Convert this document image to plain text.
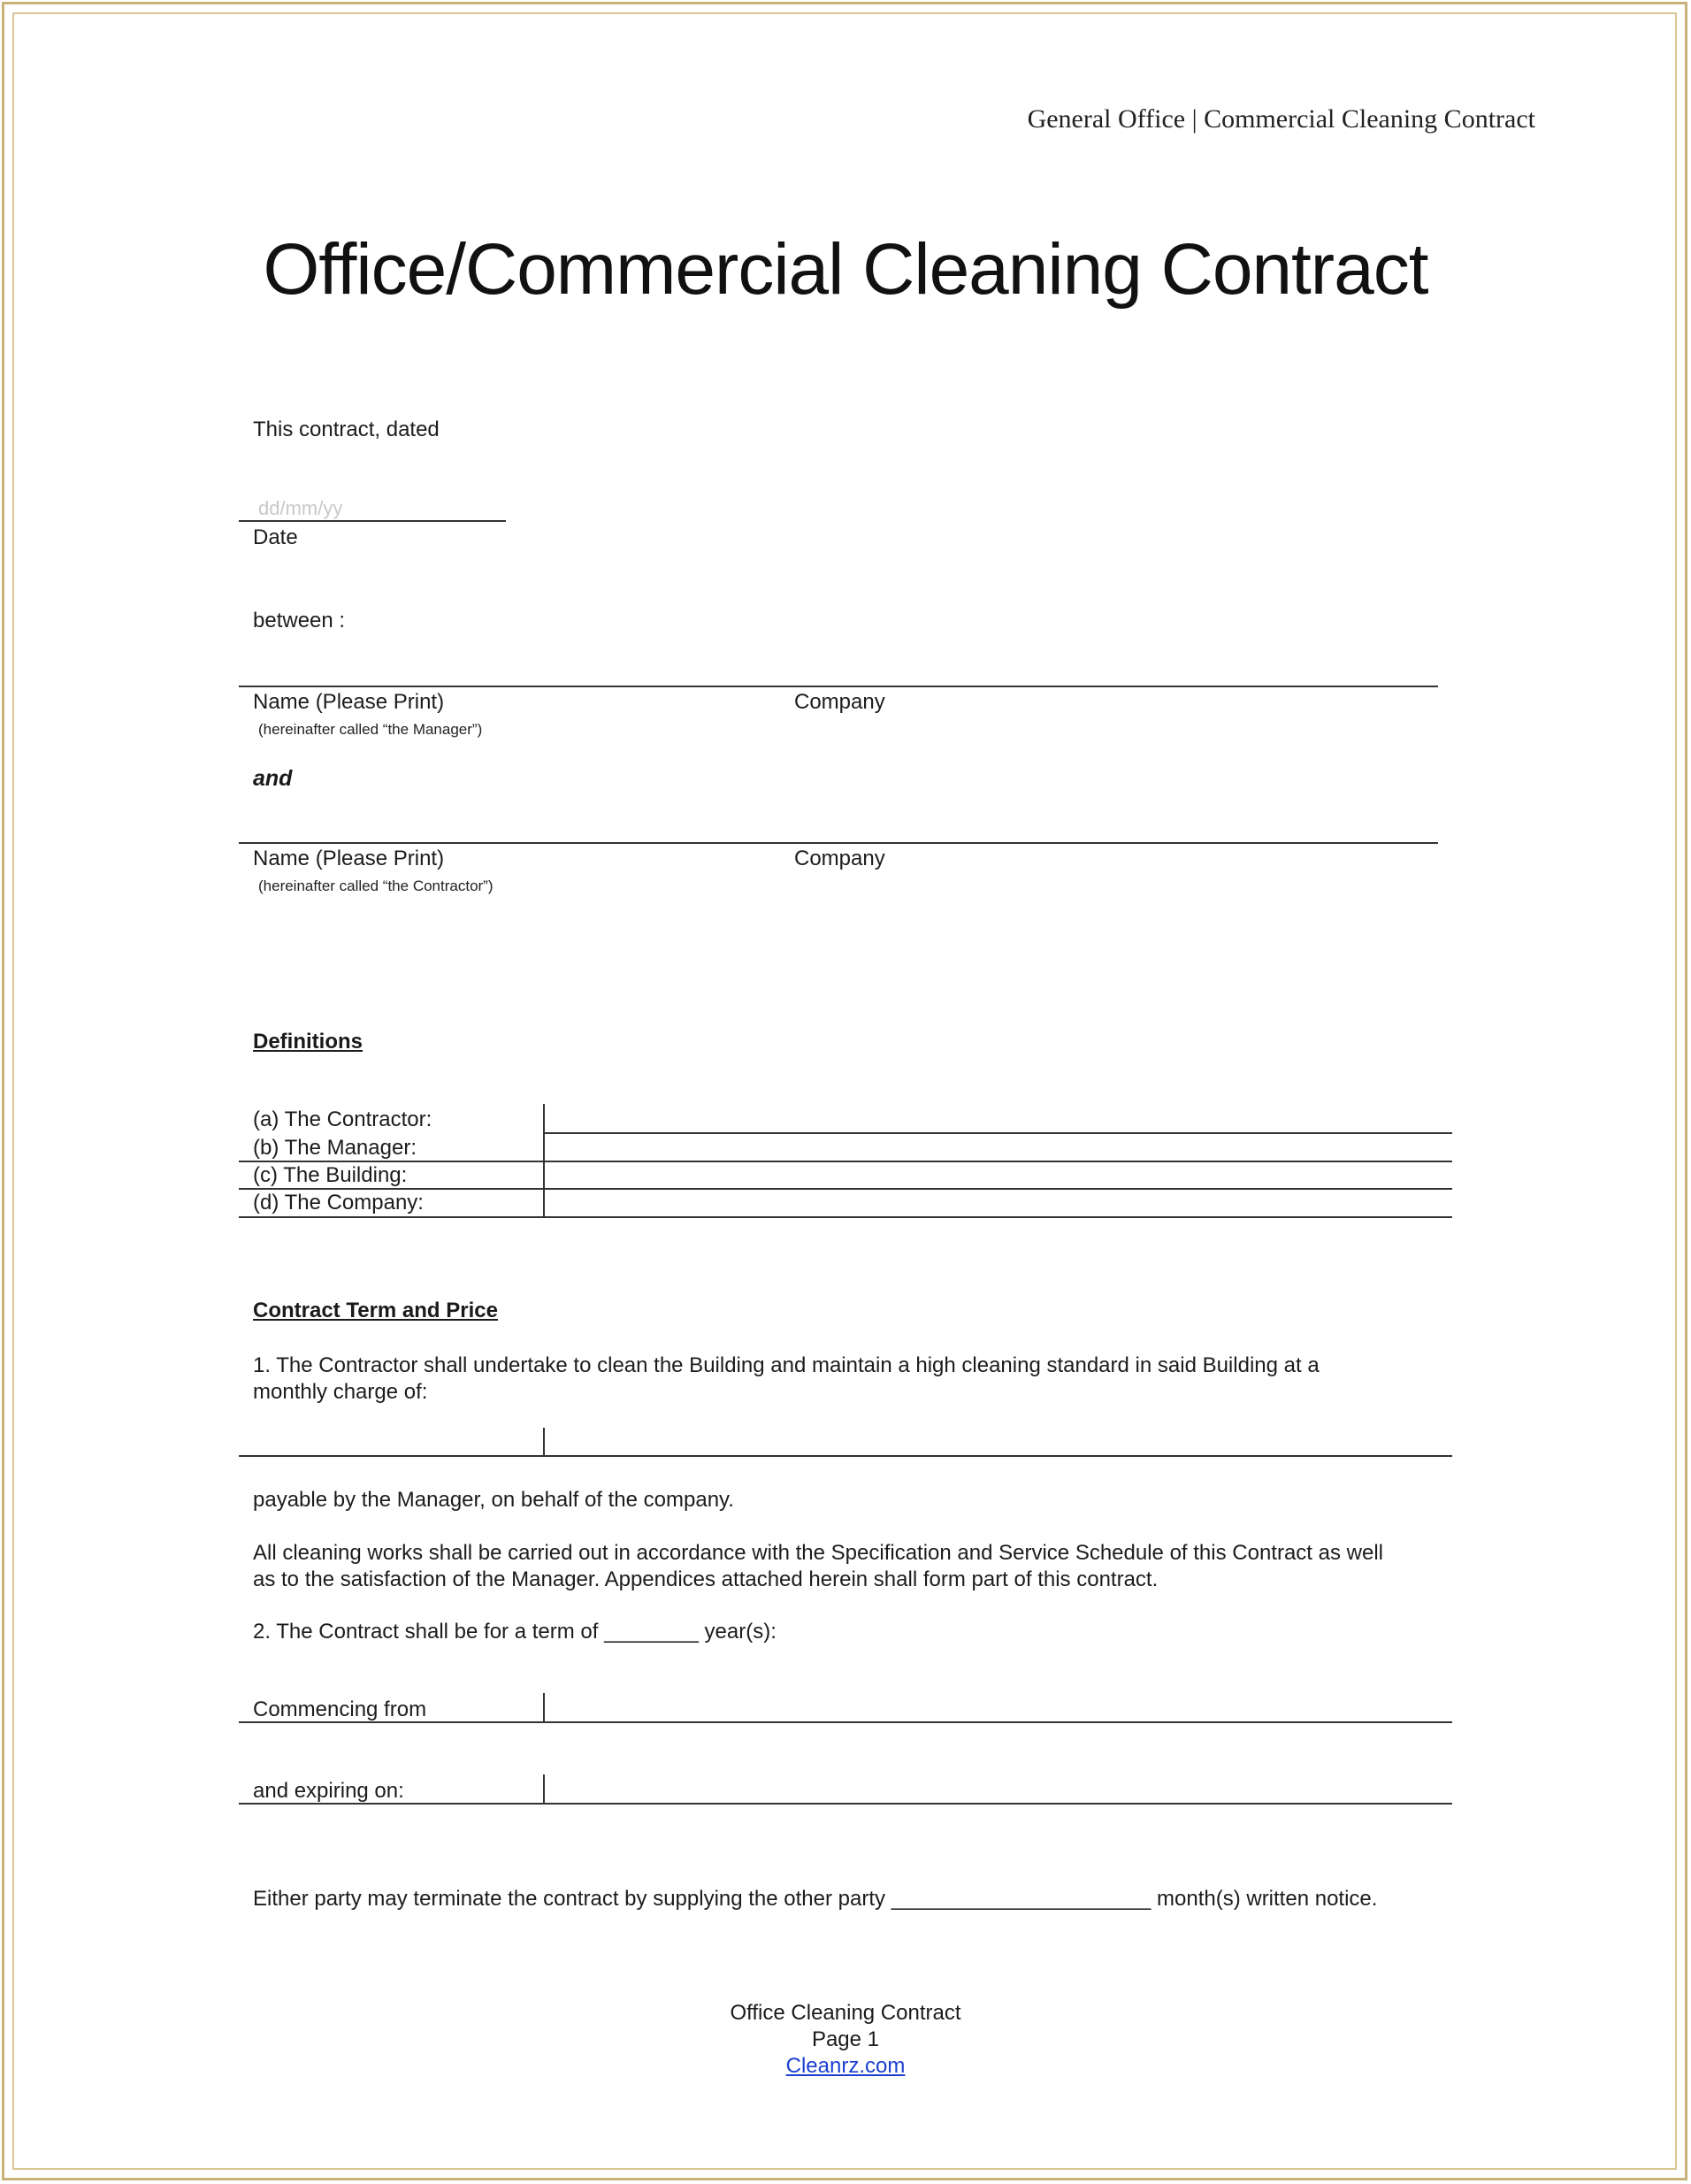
General Office | Commercial Cleaning Contract
Office/Commercial Cleaning Contract
This contract, dated
dd/mm/yy
Date
between :
Name (Please Print)	Company
(hereinafter called “the Manager”)
and
Name (Please Print)	Company
(hereinafter called “the Contractor”)
Definitions
(a) The Contractor:
(b) The Manager:
(c) The Building:
(d) The Company:
Contract Term and Price
1. The Contractor shall undertake to clean the Building and maintain a high cleaning standard in said Building at a
monthly charge of:
payable by the Manager, on behalf of the company.
All cleaning works shall be carried out in accordance with the Specification and Service Schedule of this Contract as well
as to the satisfaction of the Manager. Appendices attached herein shall form part of this contract.
2. The Contract shall be for a term of ________ year(s):
Commencing from
and expiring on:
Either party may terminate the contract by supplying the other party ______________________ month(s) written notice.
Office Cleaning Contract
Page 1
Cleanrz.com
